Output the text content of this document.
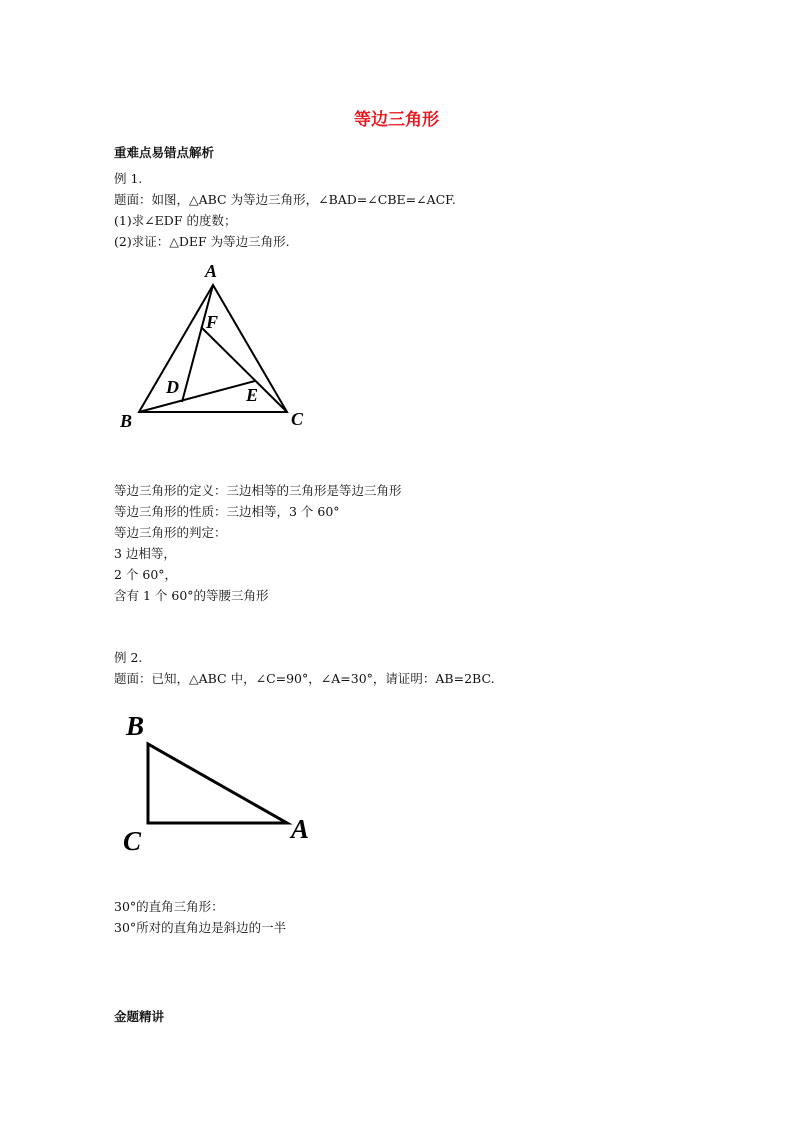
等边三角形
重难点易错点解析
例 1.
题面：如图，△ABC 为等边三角形，∠BAD=∠CBE=∠ACF.
(1)求∠EDF 的度数；
(2)求证：△DEF 为等边三角形.
A
B	C
D	E
F
B
C	A
等边三角形的定义：三边相等的三角形是等边三角形
等边三角形的性质：三边相等，3 个 60°
等边三角形的判定：
3 边相等，
2 个 60°，
含有 1 个 60°的等腰三角形
例 2.
题面：已知，△ABC 中，∠C=90°，∠A=30°，请证明：AB=2BC.
30°的直角三角形：
30°所对的直角边是斜边的一半
金题精讲
